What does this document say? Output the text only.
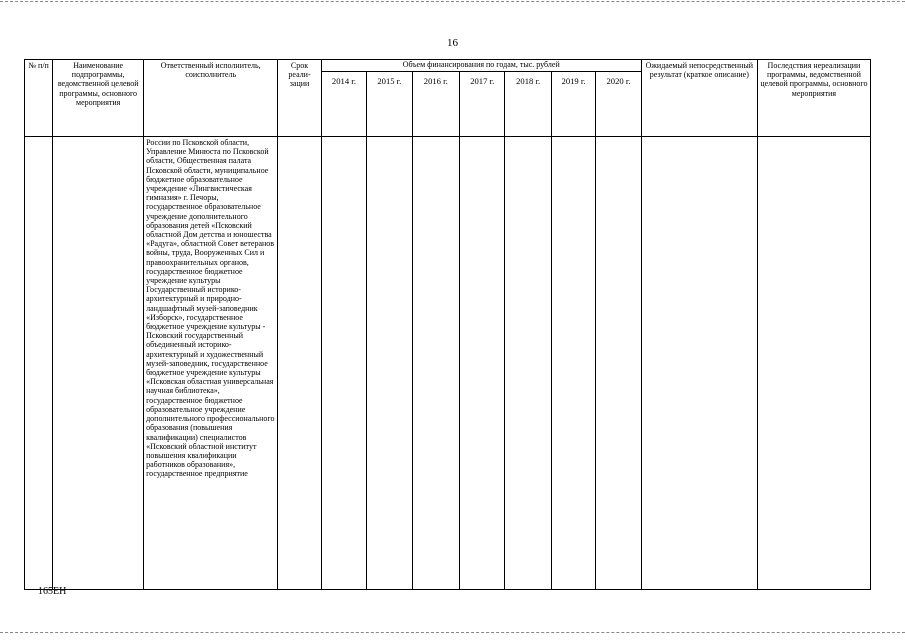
16
№ п/п	Наименование подпрограммы, ведомственной целевой программы, основного мероприятия	Ответственный исполнитель, соисполнитель	Срок реали-зации	Объем финансирования по годам, тыс. рублей							Ожидаемый непосредственный результат (краткое описание)	Последствия нереализации программы, ведомственной целевой программы, основного мероприятия
				2014 г.	2015 г.	2016 г.	2017 г.	2018 г.	2019 г.	2020 г.		
		России по Псковской области, Управление Минюста по Псковской области, Общественная палата Псковской области, муниципальное бюджетное образовательное учреждение «Лингвистическая гимназия» г. Печоры, государственное образовательное учреждение дополнительного образования детей «Псковский областной Дом детства и юношества «Радуга», областной Совет ветеранов войны, труда, Вооруженных Сил и правоохранительных органов, государственное бюджетное учреждение культуры Государственный историко-архитектурный и природно-ландшафтный музей-заповедник «Изборск», государственное бюджетное учреждение культуры - Псковский государственный объединенный историко-архитектурный и художественный музей-заповедник, государственное бюджетное учреждение культуры «Псковская областная универсальная научная библиотека», государственное бюджетное образовательное учреждение дополнительного профессионального образования (повышения квалификации) специалистов «Псковский областной институт повышения квалификации работников образования», государственное предприятие										
165ЕН
